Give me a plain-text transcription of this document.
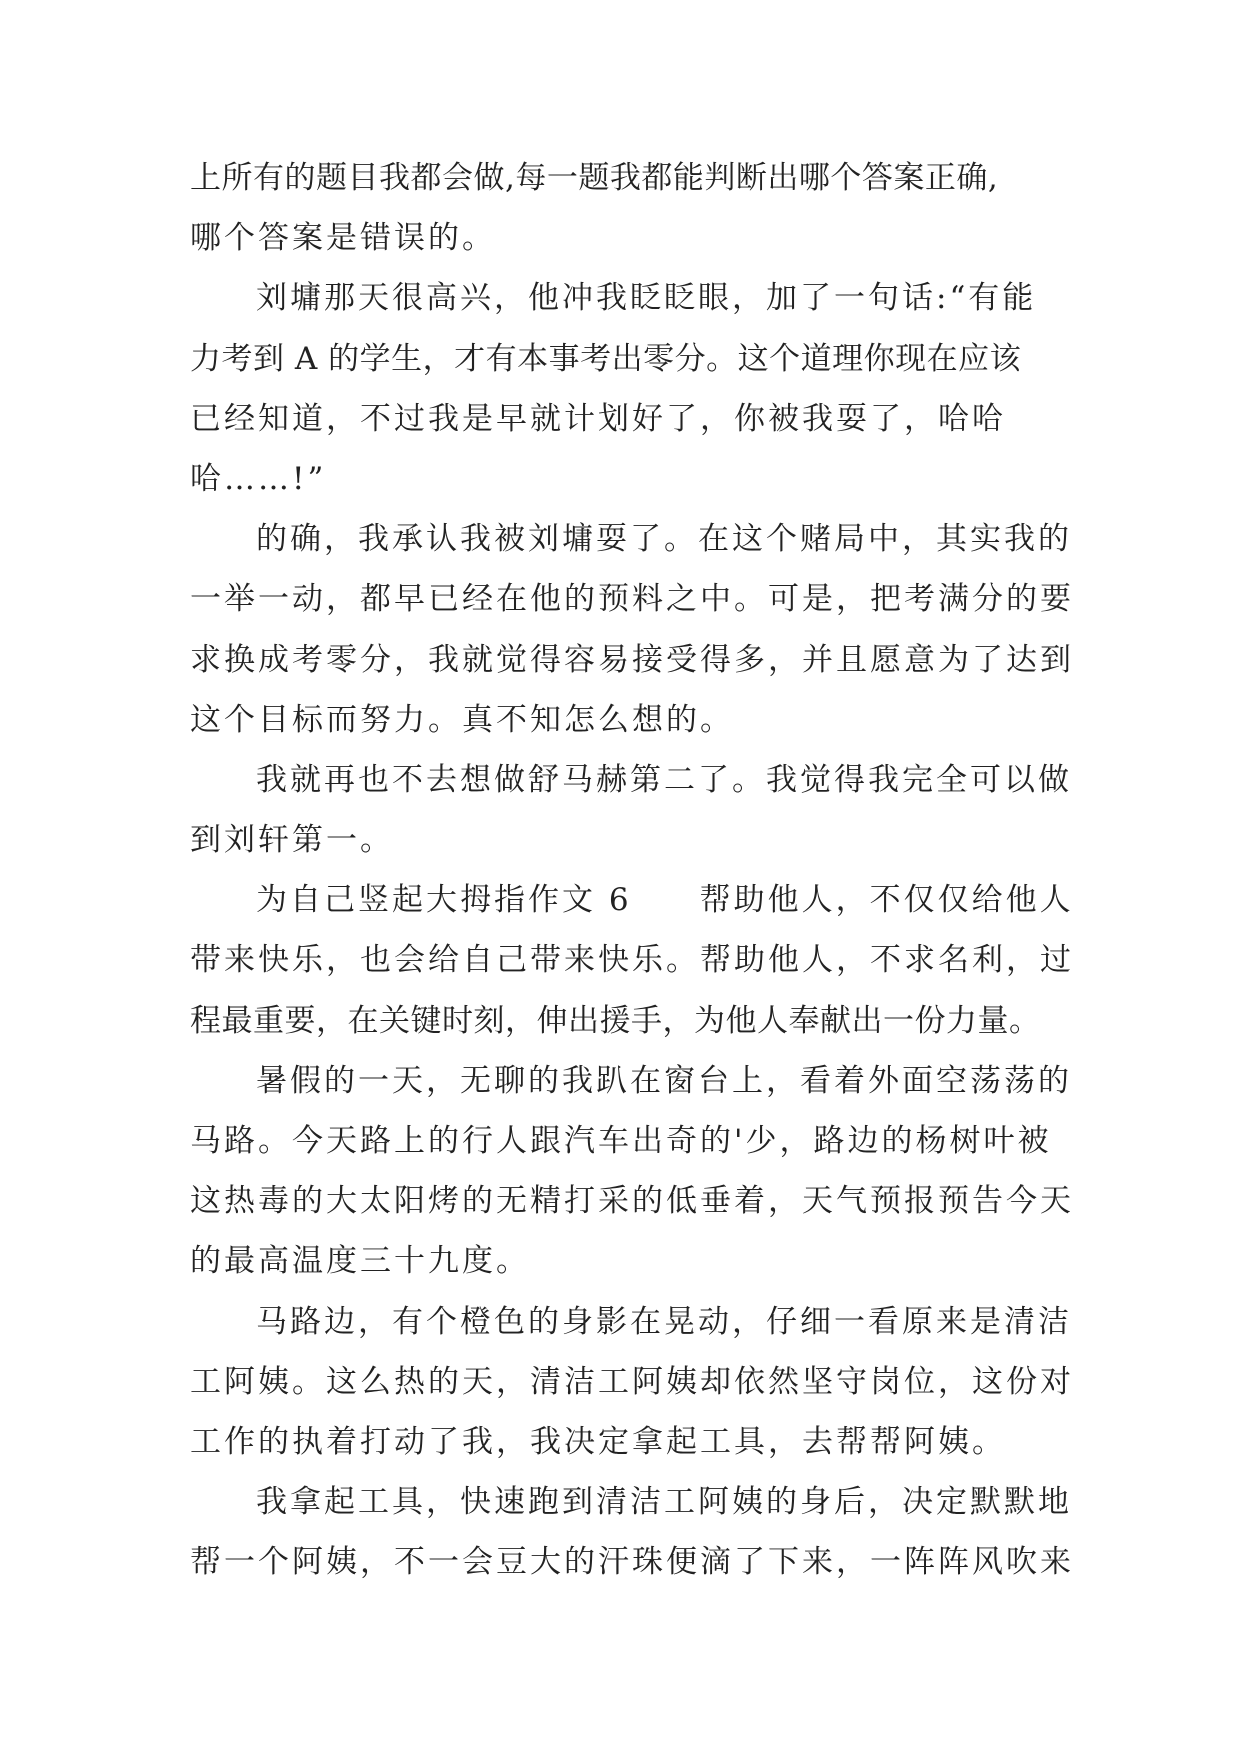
上所有的题目我都会做,每一题我都能判断出哪个答案正确,
哪个答案是错误的。
刘墉那天很高兴，他冲我眨眨眼，加了一句话:“有能
力考到 A 的学生，才有本事考出零分。这个道理你现在应该
已经知道，不过我是早就计划好了，你被我耍了，哈哈
哈……!”
的确，我承认我被刘墉耍了。在这个赌局中，其实我的
一举一动，都早已经在他的预料之中。可是，把考满分的要
求换成考零分，我就觉得容易接受得多，并且愿意为了达到
这个目标而努力。真不知怎么想的。
我就再也不去想做舒马赫第二了。我觉得我完全可以做
到刘轩第一。
为自己竖起大拇指作文 6　　帮助他人，不仅仅给他人
带来快乐，也会给自己带来快乐。帮助他人，不求名利，过
程最重要，在关键时刻，伸出援手，为他人奉献出一份力量。
暑假的一天，无聊的我趴在窗台上，看着外面空荡荡的
马路。今天路上的行人跟汽车出奇的'少，路边的杨树叶被
这热毒的大太阳烤的无精打采的低垂着，天气预报预告今天
的最高温度三十九度。
马路边，有个橙色的身影在晃动，仔细一看原来是清洁
工阿姨。这么热的天，清洁工阿姨却依然坚守岗位，这份对
工作的执着打动了我，我决定拿起工具，去帮帮阿姨。
我拿起工具，快速跑到清洁工阿姨的身后，决定默默地
帮一个阿姨，不一会豆大的汗珠便滴了下来，一阵阵风吹来
